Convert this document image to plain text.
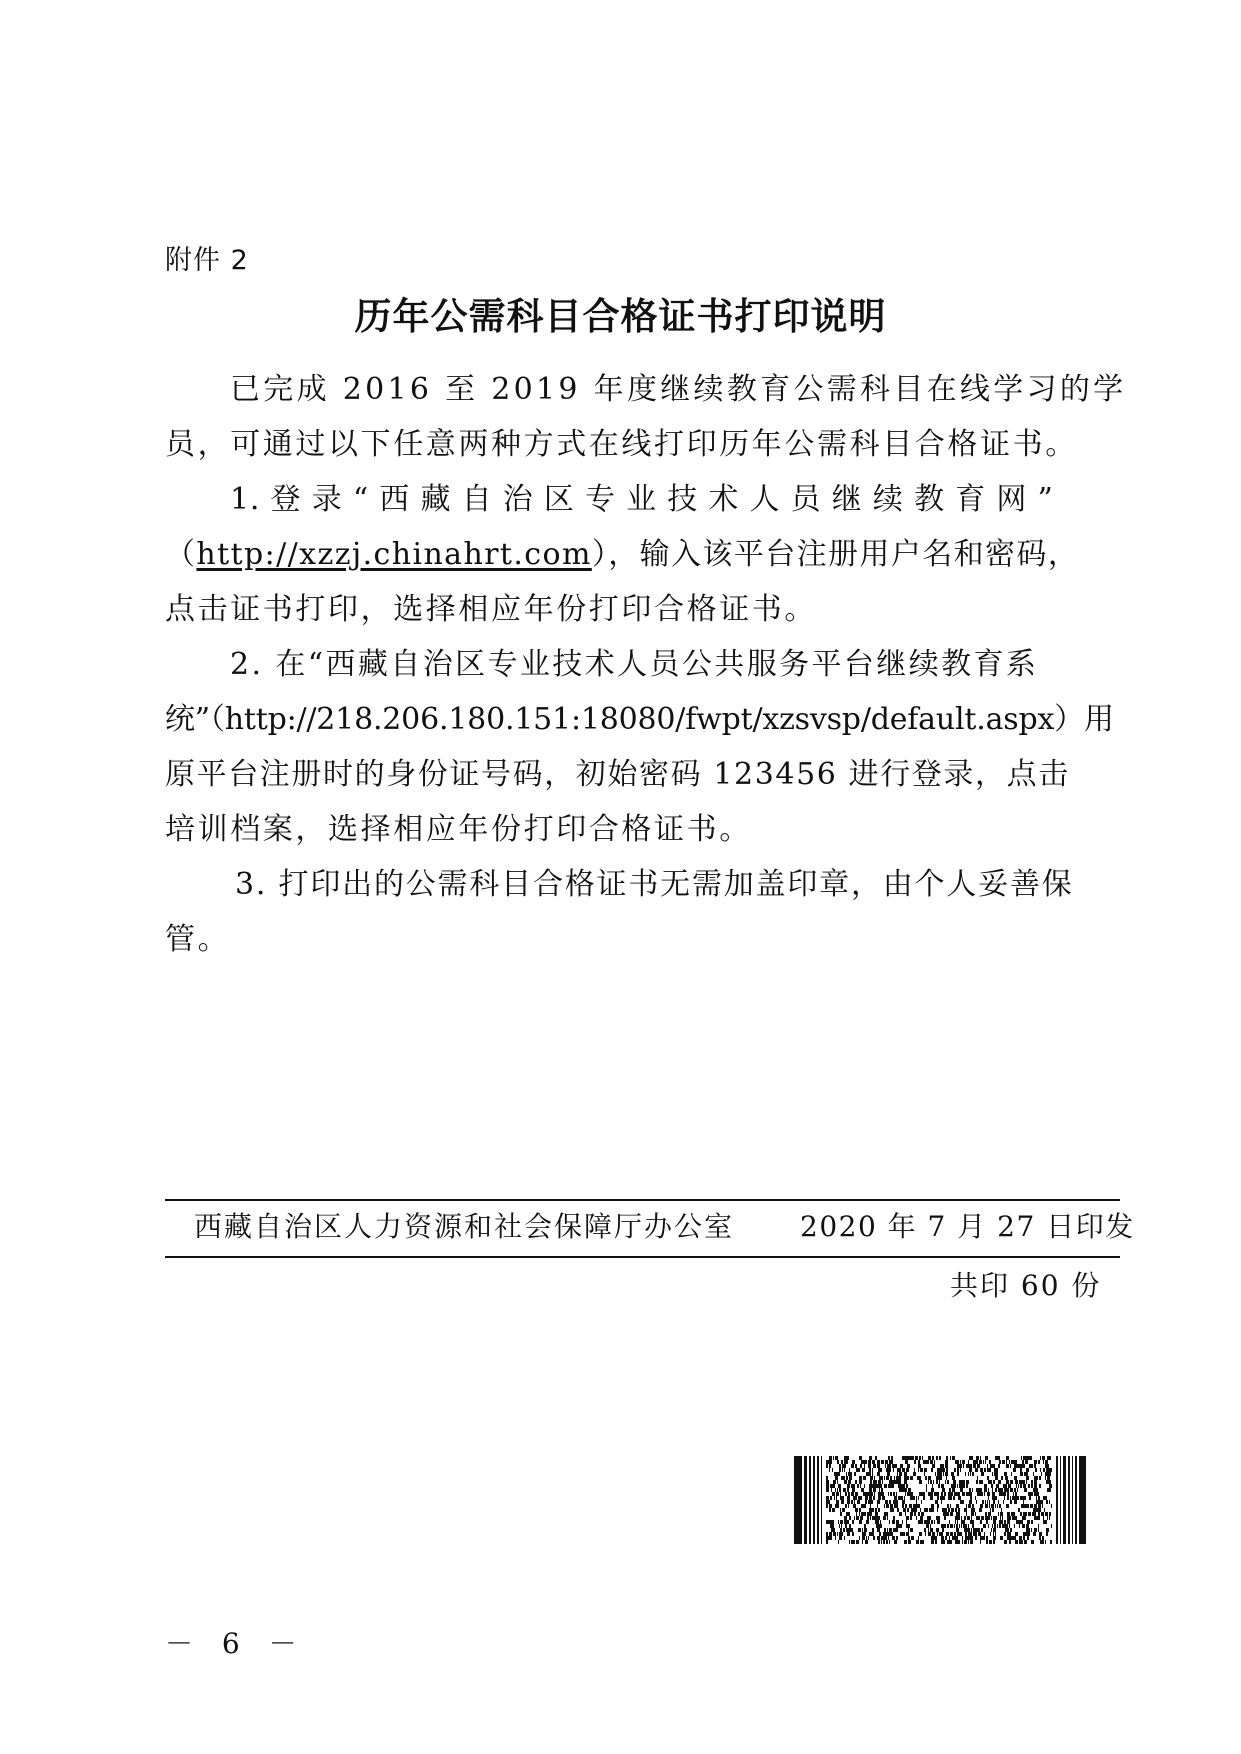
附件 2
历年公需科目合格证书打印说明
已完成 2016 至 2019 年度继续教育公需科目在线学习的学
员，可通过以下任意两种方式在线打印历年公需科目合格证书。
1. 登 录 “ 西 藏 自 治 区 专 业 技 术 人 员 继 续 教 育 网 ”
（http://xzzj.chinahrt.com），输入该平台注册用户名和密码，
点击证书打印，选择相应年份打印合格证书。
2. 在“西藏自治区专业技术人员公共服务平台继续教育系
统”（http://218.206.180.151:18080/fwpt/xzsvsp/default.aspx）用
原平台注册时的身份证号码，初始密码 123456 进行登录，点击
培训档案，选择相应年份打印合格证书。
3. 打印出的公需科目合格证书无需加盖印章，由个人妥善保
管。
西藏自治区人力资源和社会保障厅办公室 2020 年 7 月 27 日印发
共印 60 份
－ 6 －
